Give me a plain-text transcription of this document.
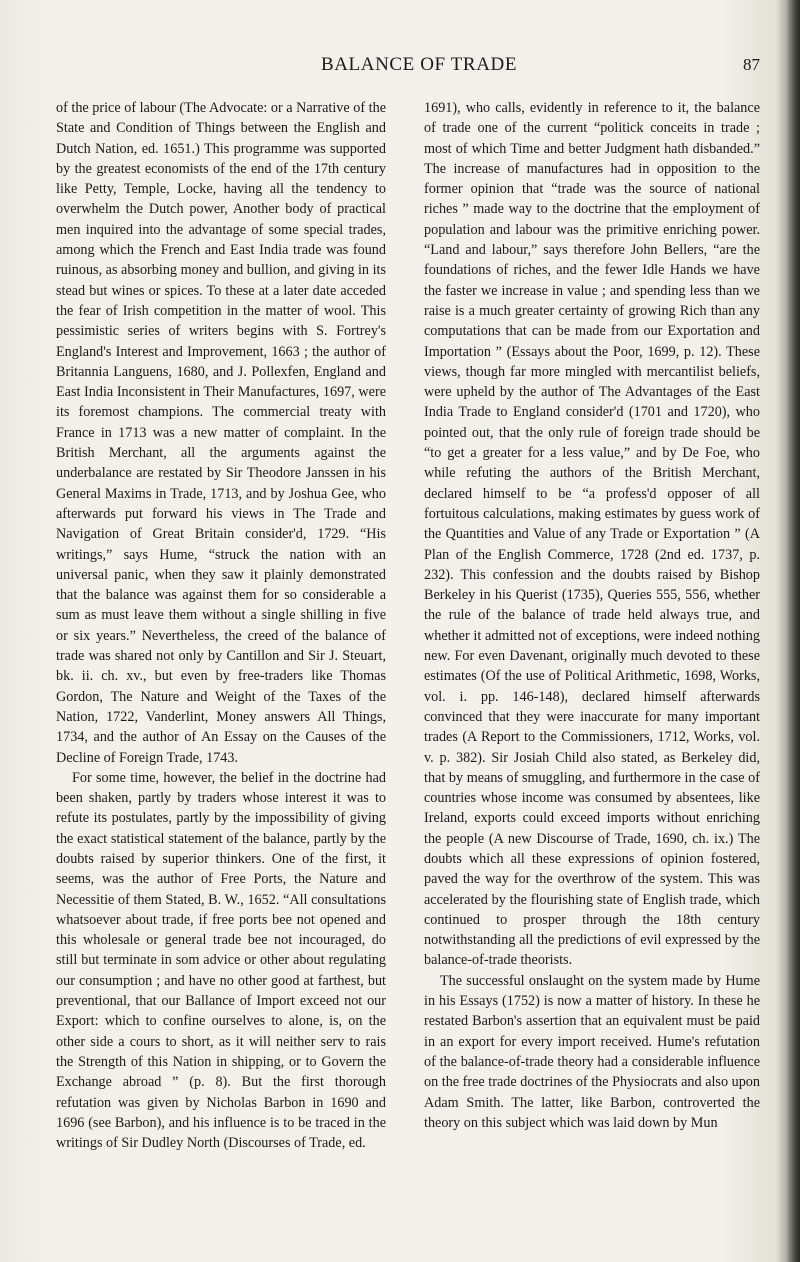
BALANCE OF TRADE	87

of the price of labour (The Advocate: or a Narrative of the State and Condition of Things between the English and Dutch Nation, ed. 1651.) This programme was supported by the greatest economists of the end of the 17th century like Petty, Temple, Locke, having all the tendency to overwhelm the Dutch power, Another body of practical men inquired into the advantage of some special trades, among which the French and East India trade was found ruinous, as absorbing money and bullion, and giving in its stead but wines or spices. To these at a later date acceded the fear of Irish competition in the matter of wool. This pessimistic series of writers begins with S. Fortrey's England's Interest and Improvement, 1663 ; the author of Britannia Languens, 1680, and J. Pollexfen, England and East India Inconsistent in Their Manufactures, 1697, were its foremost champions. The commercial treaty with France in 1713 was a new matter of complaint. In the British Merchant, all the arguments against the underbalance are restated by Sir Theodore Janssen in his General Maxims in Trade, 1713, and by Joshua Gee, who afterwards put forward his views in The Trade and Navigation of Great Britain consider'd, 1729. “His writings,” says Hume, “struck the nation with an universal panic, when they saw it plainly demonstrated that the balance was against them for so considerable a sum as must leave them without a single shilling in five or six years.” Nevertheless, the creed of the balance of trade was shared not only by Cantillon and Sir J. Steuart, bk. ii. ch. xv., but even by free-traders like Thomas Gordon, The Nature and Weight of the Taxes of the Nation, 1722, Vanderlint, Money answers All Things, 1734, and the author of An Essay on the Causes of the Decline of Foreign Trade, 1743.

For some time, however, the belief in the doctrine had been shaken, partly by traders whose interest it was to refute its postulates, partly by the impossibility of giving the exact statistical statement of the balance, partly by the doubts raised by superior thinkers. One of the first, it seems, was the author of Free Ports, the Nature and Necessitie of them Stated, B. W., 1652. “All consultations whatsoever about trade, if free ports bee not opened and this wholesale or general trade bee not incouraged, do still but terminate in som advice or other about regulating our consumption ; and have no other good at farthest, but preventional, that our Ballance of Import exceed not our Export: which to confine ourselves to alone, is, on the other side a cours to short, as it will neither serv to rais the Strength of this Nation in shipping, or to Govern the Exchange abroad ” (p. 8). But the first thorough refutation was given by Nicholas Barbon in 1690 and 1696 (see Barbon), and his influence is to be traced in the writings of Sir Dudley North (Discourses of Trade, ed.

1691), who calls, evidently in reference to it, the balance of trade one of the current “politick conceits in trade ; most of which Time and better Judgment hath disbanded.” The increase of manufactures had in opposition to the former opinion that “trade was the source of national riches ” made way to the doctrine that the employment of population and labour was the primitive enriching power. “Land and labour,” says therefore John Bellers, “are the foundations of riches, and the fewer Idle Hands we have the faster we increase in value ; and spending less than we raise is a much greater certainty of growing Rich than any computations that can be made from our Exportation and Importation ” (Essays about the Poor, 1699, p. 12). These views, though far more mingled with mercantilist beliefs, were upheld by the author of The Advantages of the East India Trade to England consider'd (1701 and 1720), who pointed out, that the only rule of foreign trade should be “to get a greater for a less value,” and by De Foe, who while refuting the authors of the British Merchant, declared himself to be “a profess'd opposer of all fortuitous calculations, making estimates by guess work of the Quantities and Value of any Trade or Exportation ” (A Plan of the English Commerce, 1728 (2nd ed. 1737, p. 232). This confession and the doubts raised by Bishop Berkeley in his Querist (1735), Queries 555, 556, whether the rule of the balance of trade held always true, and whether it admitted not of exceptions, were indeed nothing new. For even Davenant, originally much devoted to these estimates (Of the use of Political Arithmetic, 1698, Works, vol. i. pp. 146-148), declared himself afterwards convinced that they were inaccurate for many important trades (A Report to the Commissioners, 1712, Works, vol. v. p. 382). Sir Josiah Child also stated, as Berkeley did, that by means of smuggling, and furthermore in the case of countries whose income was consumed by absentees, like Ireland, exports could exceed imports without enriching the people (A new Discourse of Trade, 1690, ch. ix.) The doubts which all these expressions of opinion fostered, paved the way for the overthrow of the system. This was accelerated by the flourishing state of English trade, which continued to prosper through the 18th century notwithstanding all the predictions of evil expressed by the balance-of-trade theorists.

The successful onslaught on the system made by Hume in his Essays (1752) is now a matter of history. In these he restated Barbon's assertion that an equivalent must be paid in an export for every import received. Hume's refutation of the balance-of-trade theory had a considerable influence on the free trade doctrines of the Physiocrats and also upon Adam Smith. The latter, like Barbon, controverted the theory on this subject which was laid down by Mun
